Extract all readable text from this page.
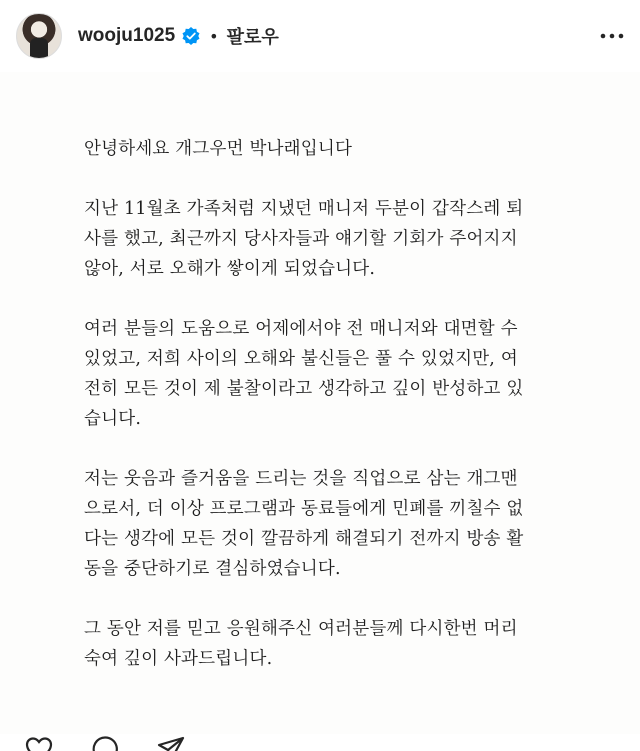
wooju1025 • 팔로우

안녕하세요 개그우먼 박나래입니다

지난 11월초 가족처럼 지냈던 매니저 두분이 갑작스레 퇴
사를 했고, 최근까지 당사자들과 얘기할 기회가 주어지지
않아, 서로 오해가 쌓이게 되었습니다.

여러 분들의 도움으로 어제에서야 전 매니저와 대면할 수
있었고, 저희 사이의 오해와 불신들은 풀 수 있었지만, 여
전히 모든 것이 제 불찰이라고 생각하고 깊이 반성하고 있
습니다.

저는 웃음과 즐거움을 드리는 것을 직업으로 삼는 개그맨
으로서, 더 이상 프로그램과 동료들에게 민폐를 끼칠수 없
다는 생각에 모든 것이 깔끔하게 해결되기 전까지 방송 활
동을 중단하기로 결심하였습니다.

그 동안 저를 믿고 응원해주신 여러분들께 다시한번 머리
숙여 깊이 사과드립니다.
